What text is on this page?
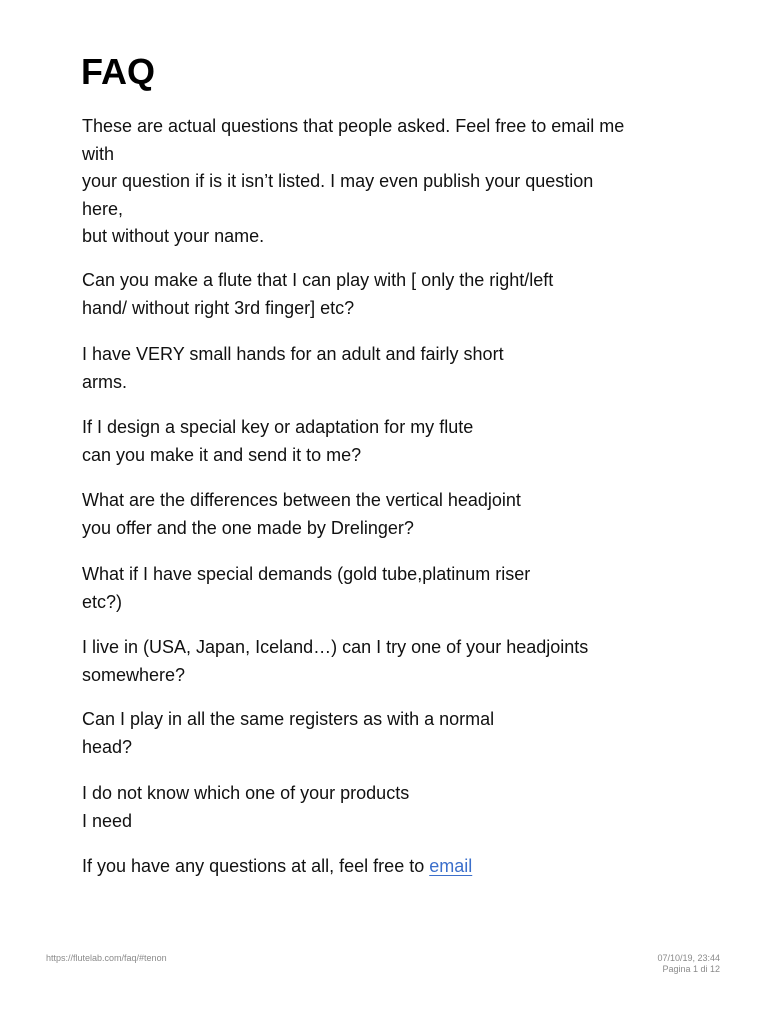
FAQ

These are actual questions that people asked. Feel free to email me
with
your question if is it isn’t listed. I may even publish your question
here,
but without your name.

Can you make a flute that I can play with [ only the right/left
hand/ without right 3rd finger] etc?

I have VERY small hands for an adult and fairly short
arms.

If I design a special key or adaptation for my flute
can you make it and send it to me?

What are the differences between the vertical headjoint
you offer and the one made by Drelinger?

What if I have special demands (gold tube,platinum riser
etc?)

I live in (USA, Japan, Iceland…) can I try one of your headjoints
somewhere?

Can I play in all the same registers as with a normal
head?

I do not know which one of your products
I need

If you have any questions at all, feel free to email

https://flutelab.com/faq/#tenon	07/10/19, 23:44
Pagina 1 di 12
